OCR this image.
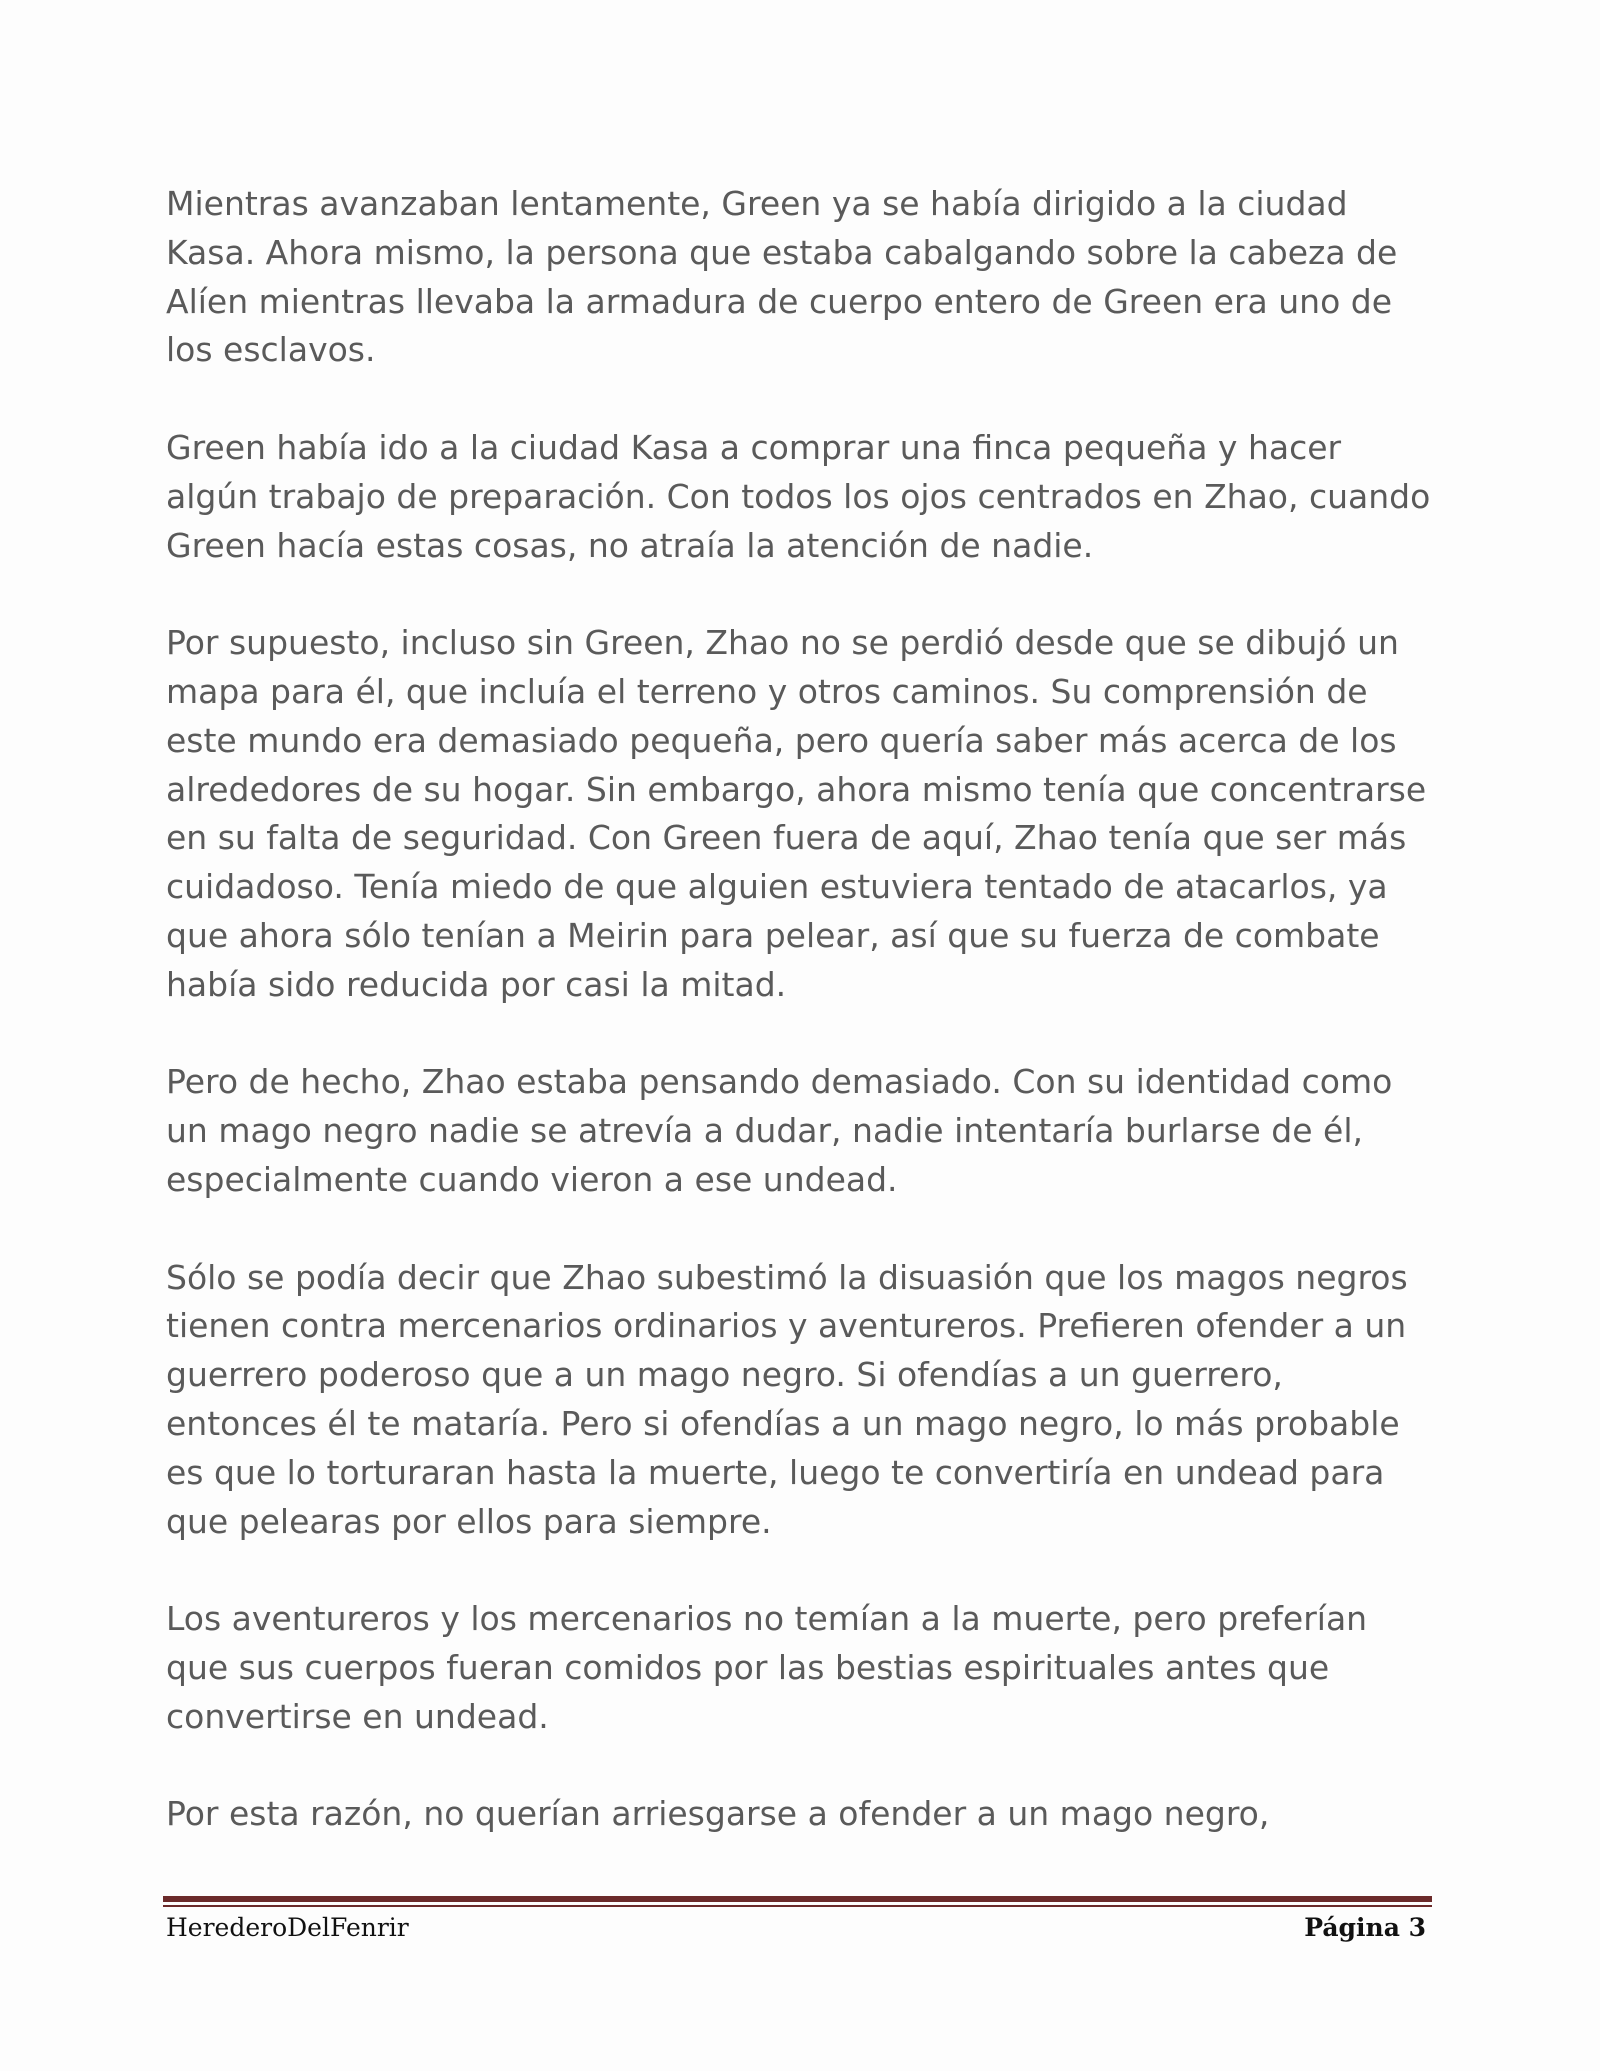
Mientras avanzaban lentamente, Green ya se había dirigido a la ciudad Kasa. Ahora mismo, la persona que estaba cabalgando sobre la cabeza de Alíen mientras llevaba la armadura de cuerpo entero de Green era uno de los esclavos.

Green había ido a la ciudad Kasa a comprar una finca pequeña y hacer algún trabajo de preparación. Con todos los ojos centrados en Zhao, cuando Green hacía estas cosas, no atraía la atención de nadie.

Por supuesto, incluso sin Green, Zhao no se perdió desde que se dibujó un mapa para él, que incluía el terreno y otros caminos. Su comprensión de este mundo era demasiado pequeña, pero quería saber más acerca de los alrededores de su hogar. Sin embargo, ahora mismo tenía que concentrarse en su falta de seguridad. Con Green fuera de aquí, Zhao tenía que ser más cuidadoso. Tenía miedo de que alguien estuviera tentado de atacarlos, ya que ahora sólo tenían a Meirin para pelear, así que su fuerza de combate había sido reducida por casi la mitad.

Pero de hecho, Zhao estaba pensando demasiado. Con su identidad como un mago negro nadie se atrevía a dudar, nadie intentaría burlarse de él, especialmente cuando vieron a ese undead.

Sólo se podía decir que Zhao subestimó la disuasión que los magos negros tienen contra mercenarios ordinarios y aventureros. Prefieren ofender a un guerrero poderoso que a un mago negro. Si ofendías a un guerrero, entonces él te mataría. Pero si ofendías a un mago negro, lo más probable es que lo torturaran hasta la muerte, luego te convertiría en undead para que pelearas por ellos para siempre.

Los aventureros y los mercenarios no temían a la muerte, pero preferían que sus cuerpos fueran comidos por las bestias espirituales antes que convertirse en undead.

Por esta razón, no querían arriesgarse a ofender a un mago negro,

HerederoDelFenrir	Página 3
